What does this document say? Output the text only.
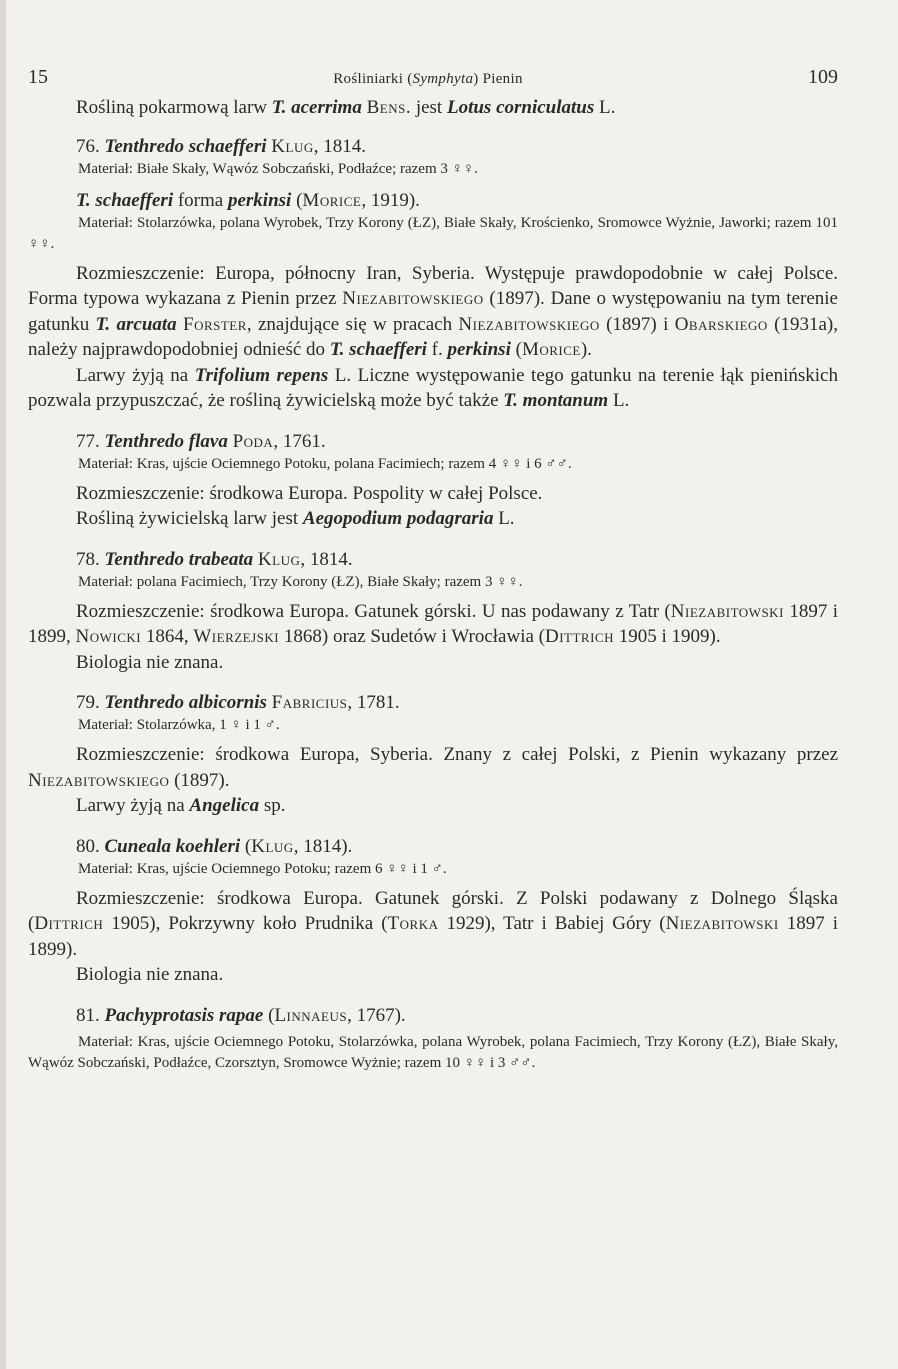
15	Rośliniarki (Symphyta) Pienin	109

Rośliną pokarmową larw T. acerrima Bens. jest Lotus corniculatus L.

76. Tenthredo schaefferi Klug, 1814.

Materiał: Białe Skały, Wąwóz Sobczański, Podłaźce; razem 3 ♀♀.

T. schaefferi forma perkinsi (Morice, 1919).

Materiał: Stolarzówka, polana Wyrobek, Trzy Korony (ŁZ), Białe Skały, Krościenko, Sromowce Wyżnie, Jaworki; razem 101 ♀♀.

Rozmieszczenie: Europa, północny Iran, Syberia. Występuje prawdopodobnie w całej Polsce. Forma typowa wykazana z Pienin przez Niezabitowskiego (1897). Dane o występowaniu na tym terenie gatunku T. arcuata Forster, znajdujące się w pracach Niezabitowskiego (1897) i Obarskiego (1931a), należy najprawdopodobniej odnieść do T. schaefferi f. perkinsi (Morice).

Larwy żyją na Trifolium repens L. Liczne występowanie tego gatunku na terenie łąk pienińskich pozwala przypuszczać, że rośliną żywicielską może być także T. montanum L.

77. Tenthredo flava Poda, 1761.

Materiał: Kras, ujście Ociemnego Potoku, polana Facimiech; razem 4 ♀♀ i 6 ♂♂.

Rozmieszczenie: środkowa Europa. Pospolity w całej Polsce.

Rośliną żywicielską larw jest Aegopodium podagraria L.

78. Tenthredo trabeata Klug, 1814.

Materiał: polana Facimiech, Trzy Korony (ŁZ), Białe Skały; razem 3 ♀♀.

Rozmieszczenie: środkowa Europa. Gatunek górski. U nas podawany z Tatr (Niezabitowski 1897 i 1899, Nowicki 1864, Wierzejski 1868) oraz Sudetów i Wrocławia (Dittrich 1905 i 1909).

Biologia nie znana.

79. Tenthredo albicornis Fabricius, 1781.

Materiał: Stolarzówka, 1 ♀ i 1 ♂.

Rozmieszczenie: środkowa Europa, Syberia. Znany z całej Polski, z Pienin wykazany przez Niezabitowskiego (1897).

Larwy żyją na Angelica sp.

80. Cuneala koehleri (Klug, 1814).

Materiał: Kras, ujście Ociemnego Potoku; razem 6 ♀♀ i 1 ♂.

Rozmieszczenie: środkowa Europa. Gatunek górski. Z Polski podawany z Dolnego Śląska (Dittrich 1905), Pokrzywny koło Prudnika (Torka 1929), Tatr i Babiej Góry (Niezabitowski 1897 i 1899).

Biologia nie znana.

81. Pachyprotasis rapae (Linnaeus, 1767).

Materiał: Kras, ujście Ociemnego Potoku, Stolarzówka, polana Wyrobek, polana Facimiech, Trzy Korony (ŁZ), Białe Skały, Wąwóz Sobczański, Podłaźce, Czorsztyn, Sromowce Wyżnie; razem 10 ♀♀ i 3 ♂♂.
